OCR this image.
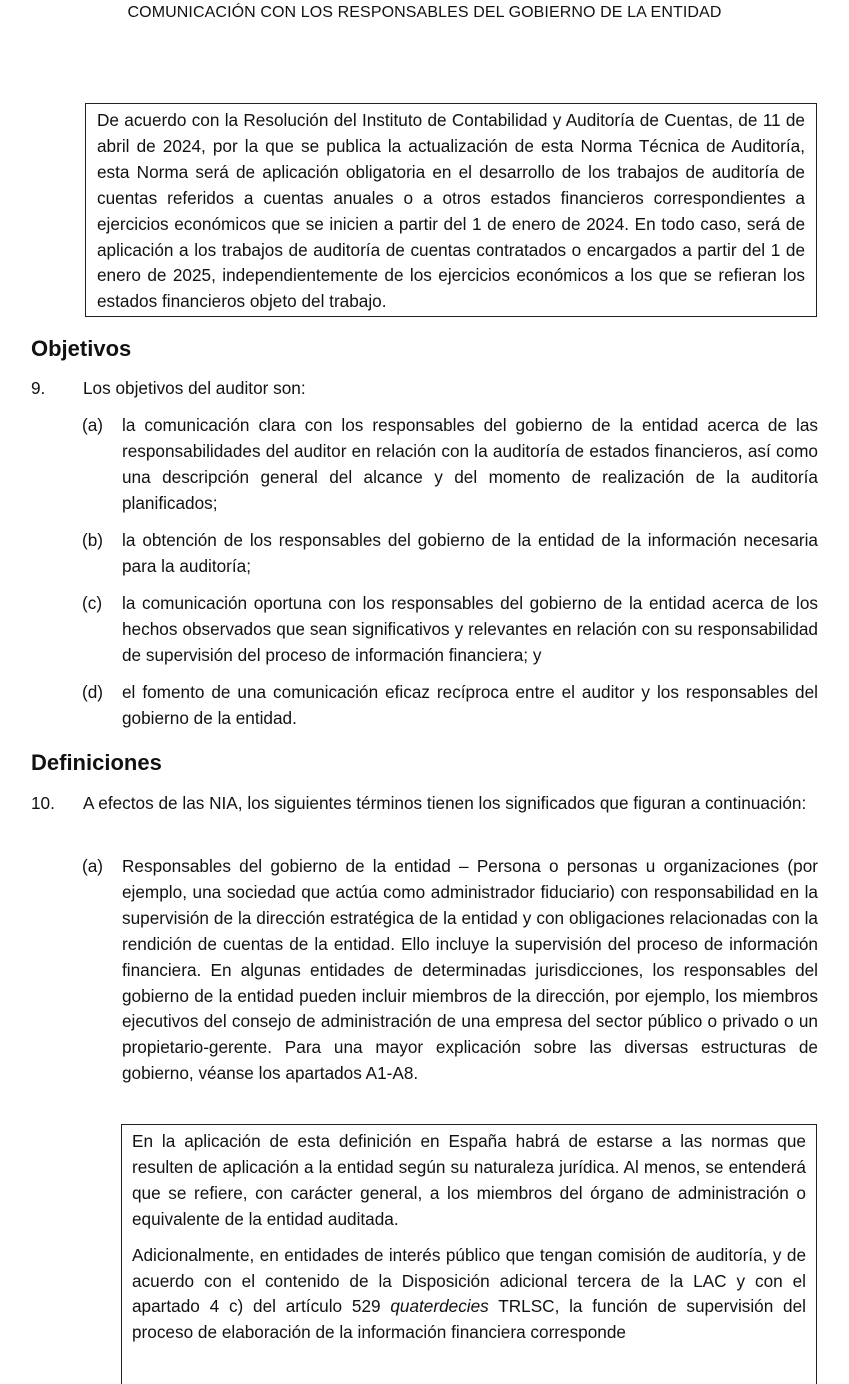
COMUNICACIÓN CON LOS RESPONSABLES DEL GOBIERNO DE LA ENTIDAD

De acuerdo con la Resolución del Instituto de Contabilidad y Auditoría de Cuentas, de 11 de abril de 2024, por la que se publica la actualización de esta Norma Técnica de Auditoría, esta Norma será de aplicación obligatoria en el desarrollo de los trabajos de auditoría de cuentas referidos a cuentas anuales o a otros estados financieros correspondientes a ejercicios económicos que se inicien a partir del 1 de enero de 2024. En todo caso, será de aplicación a los trabajos de auditoría de cuentas contratados o encargados a partir del 1 de enero de 2025, independientemente de los ejercicios económicos a los que se refieran los estados financieros objeto del trabajo.

Objetivos
9. Los objetivos del auditor son:

(a) la comunicación clara con los responsables del gobierno de la entidad acerca de las responsabilidades del auditor en relación con la auditoría de estados financieros, así como una descripción general del alcance y del momento de realización de la auditoría planificados;

(b) la obtención de los responsables del gobierno de la entidad de la información necesaria para la auditoría;

(c) la comunicación oportuna con los responsables del gobierno de la entidad acerca de los hechos observados que sean significativos y relevantes en relación con su responsabilidad de supervisión del proceso de información financiera; y

(d) el fomento de una comunicación eficaz recíproca entre el auditor y los responsables del gobierno de la entidad.

Definiciones
10. A efectos de las NIA, los siguientes términos tienen los significados que figuran a continuación:

(a) Responsables del gobierno de la entidad – Persona o personas u organizaciones (por ejemplo, una sociedad que actúa como administrador fiduciario) con responsabilidad en la supervisión de la dirección estratégica de la entidad y con obligaciones relacionadas con la rendición de cuentas de la entidad. Ello incluye la supervisión del proceso de información financiera. En algunas entidades de determinadas jurisdicciones, los responsables del gobierno de la entidad pueden incluir miembros de la dirección, por ejemplo, los miembros ejecutivos del consejo de administración de una empresa del sector público o privado o un propietario-gerente. Para una mayor explicación sobre las diversas estructuras de gobierno, véanse los apartados A1-A8.

En la aplicación de esta definición en España habrá de estarse a las normas que resulten de aplicación a la entidad según su naturaleza jurídica. Al menos, se entenderá que se refiere, con carácter general, a los miembros del órgano de administración o equivalente de la entidad auditada.

Adicionalmente, en entidades de interés público que tengan comisión de auditoría, y de acuerdo con el contenido de la Disposición adicional tercera de la LAC y con el apartado 4 c) del artículo 529 quaterdecies TRLSC, la función de supervisión del proceso de elaboración de la información financiera corresponde
